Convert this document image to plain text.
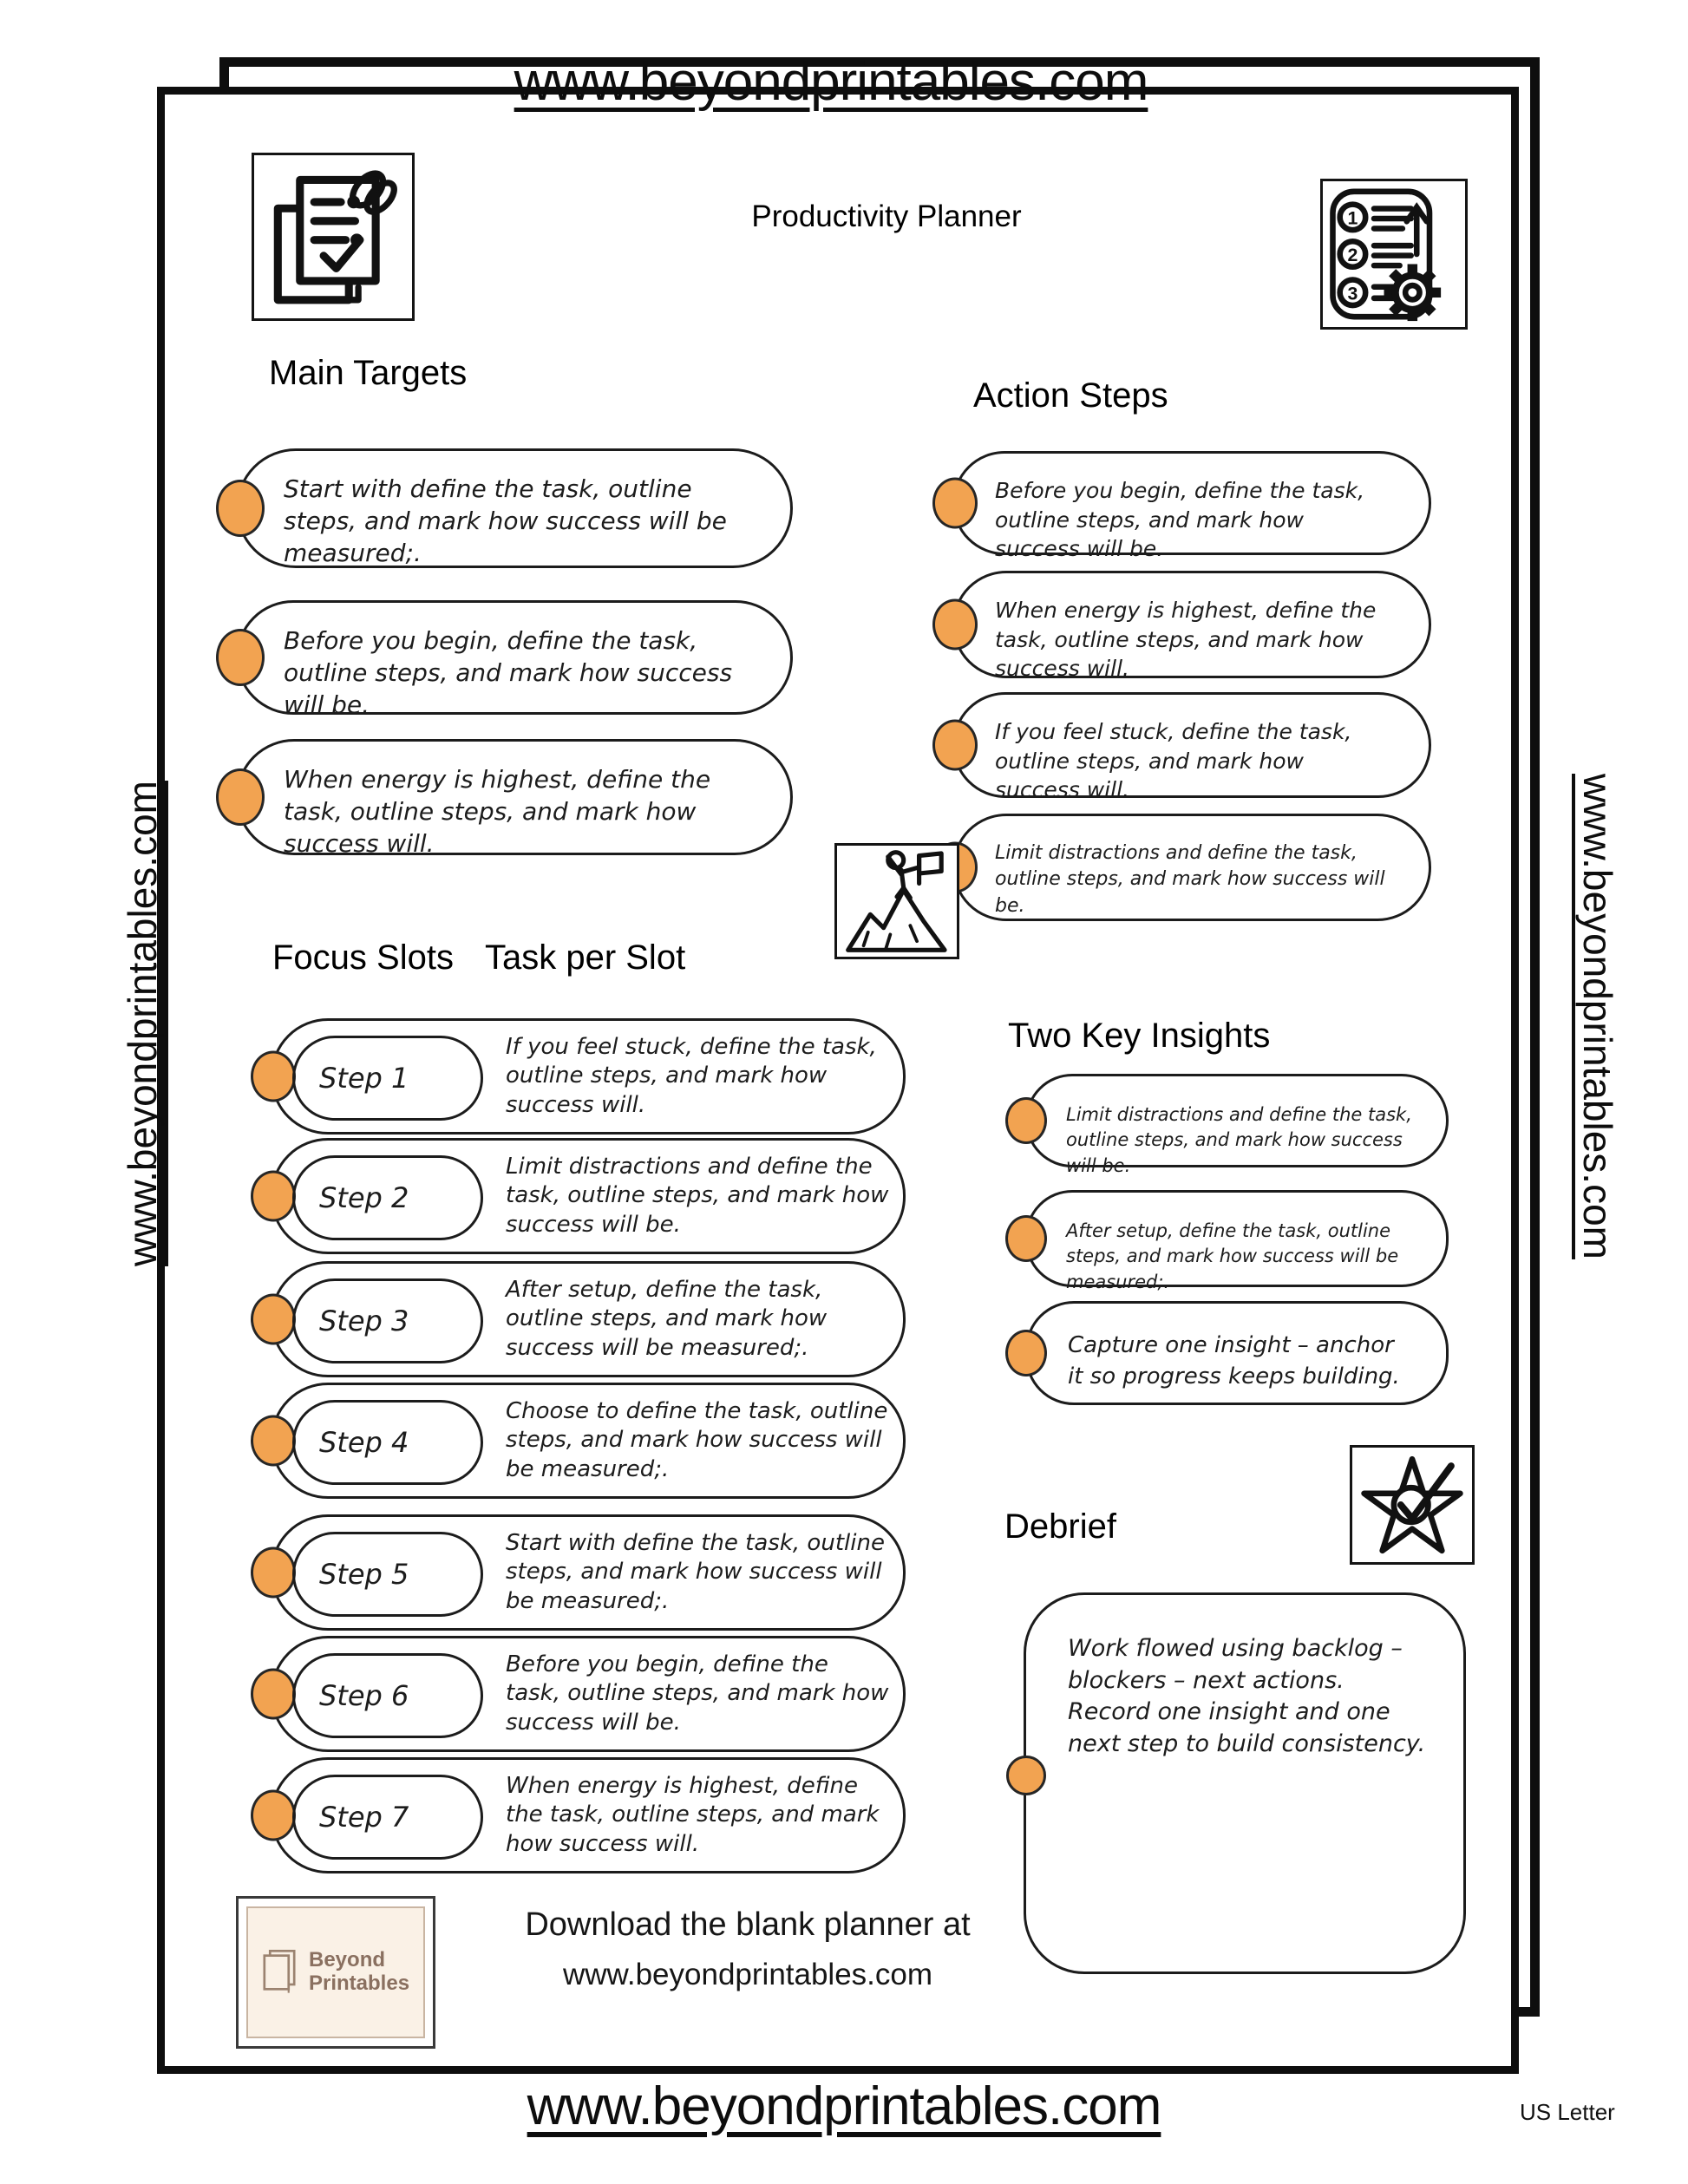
www.beyondprintables.com
Productivity Planner	1
2
3
www.beyondprintables.com	www.beyondprintables.com
Main Targets

Start with define the task, outline steps, and mark how success will be measured;.

Before you begin, define the task, outline steps, and mark how success will be.

When energy is highest, define the task, outline steps, and mark how success will.

Action Steps

Before you begin, define the task, outline steps, and mark how success will be.

When energy is highest, define the task, outline steps, and mark how success will.

If you feel stuck, define the task, outline steps, and mark how success will.

Limit distractions and define the task, outline steps, and mark how success will be.

Focus Slots Task per Slot
Step 1

If you feel stuck, define the task, outline steps, and mark how success will.

Step 2

Limit distractions and define the task, outline steps, and mark how success will be.

Step 3

After setup, define the task, outline steps, and mark how success will be measured;.

Step 4

Choose to define the task, outline steps, and mark how success will be measured;.

Step 5

Start with define the task, outline steps, and mark how success will be measured;.

Step 6

Before you begin, define the task, outline steps, and mark how success will be.

Step 7

When energy is highest, define the task, outline steps, and mark how success will.

Two Key Insights

Limit distractions and define the task, outline steps, and mark how success will be.

After setup, define the task, outline steps, and mark how success will be measured;.

Capture one insight – anchor it so progress keeps building.

Debrief

Work flowed using backlog – blockers – next actions. Record one insight and one next step to build consistency.

Beyond
Printables
Download the blank planner at
www.beyondprintables.com
www.beyondprintables.com	US Letter
